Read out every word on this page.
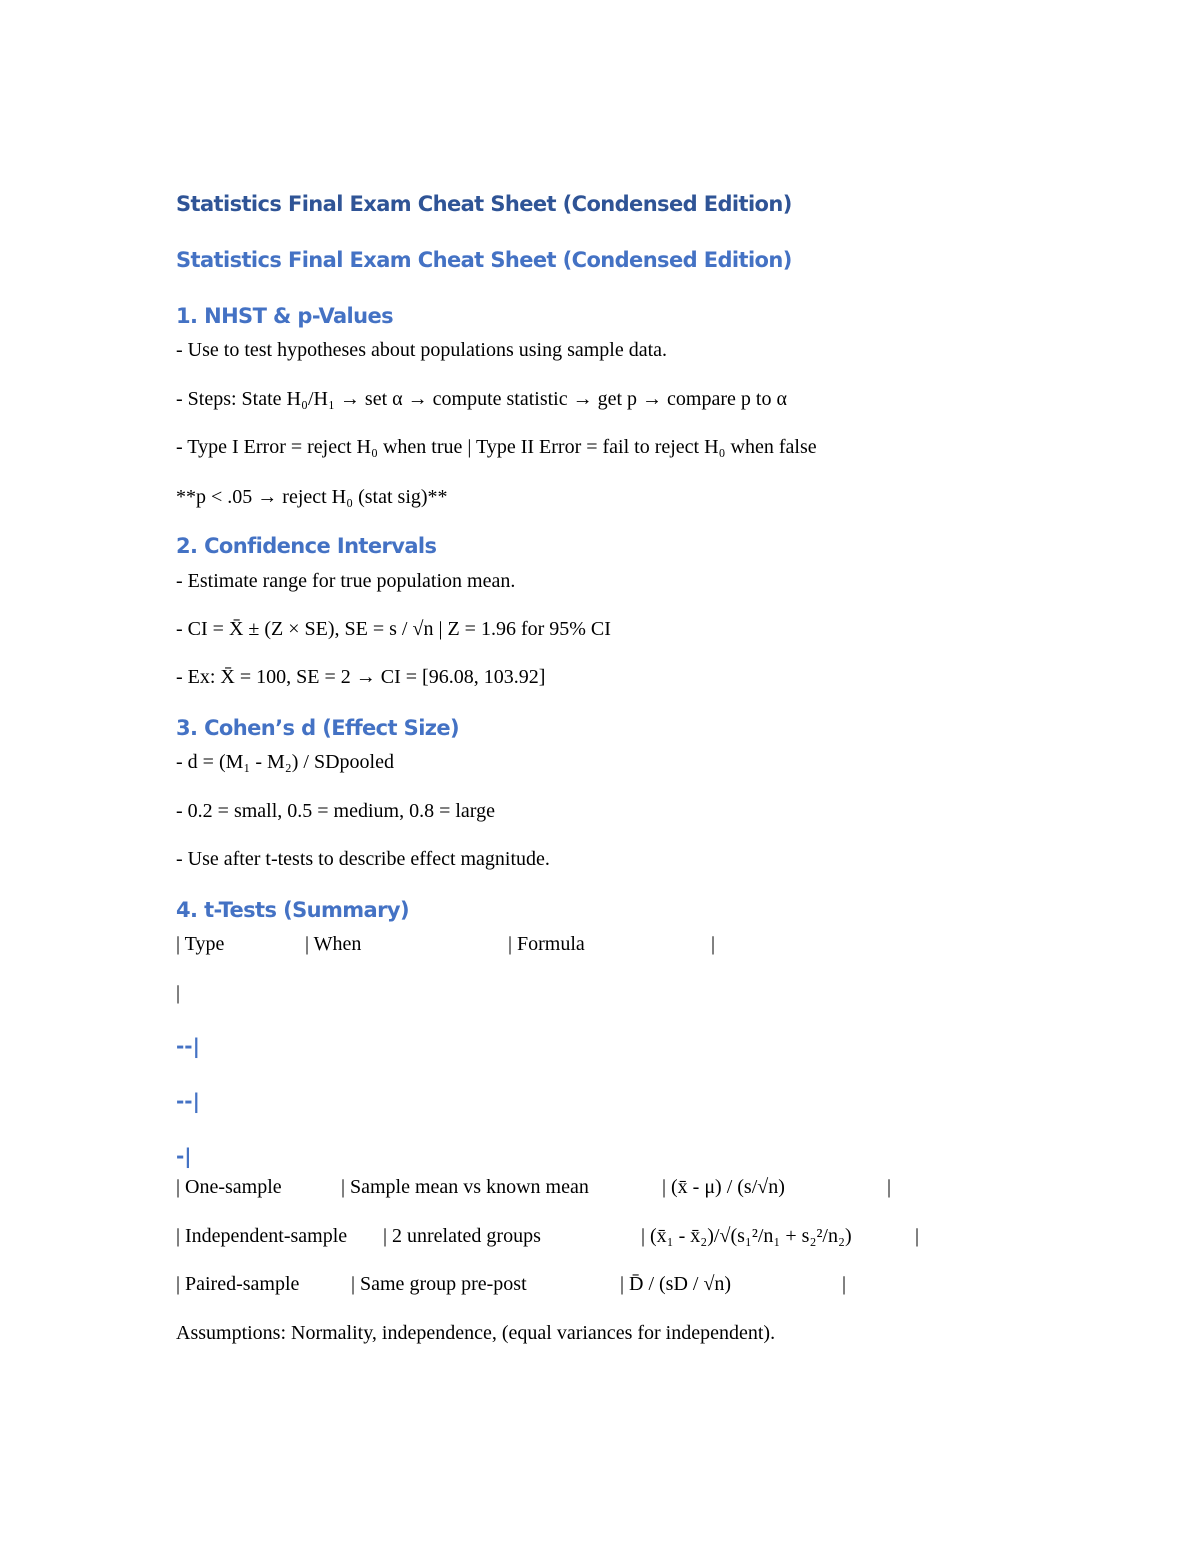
Statistics Final Exam Cheat Sheet (Condensed Edition)
Statistics Final Exam Cheat Sheet (Condensed Edition)
1. NHST & p-Values
- Use to test hypotheses about populations using sample data.
- Steps: State H₀/H₁ → set α → compute statistic → get p → compare p to α
- Type I Error = reject H₀ when true | Type II Error = fail to reject H₀ when false
**p < .05 → reject H₀ (stat sig)**
2. Confidence Intervals
- Estimate range for true population mean.
- CI = X̄ ± (Z × SE), SE = s / √n | Z = 1.96 for 95% CI
- Ex: X̄ = 100, SE = 2 → CI = [96.08, 103.92]
3. Cohen’s d (Effect Size)
- d = (M₁ - M₂) / SDpooled
- 0.2 = small, 0.5 = medium, 0.8 = large
- Use after t-tests to describe effect magnitude.
4. t-Tests (Summary)
| Type	| When	| Formula	|
|
--|
--|
-|
| One-sample	| Sample mean vs known mean	| (x̄ - μ) / (s/√n)	|
| Independent-sample | 2 unrelated groups	| (x̄₁ - x̄₂)/√(s₁²/n₁ + s₂²/n₂)	|
| Paired-sample	| Same group pre-post	| D̄ / (sD / √n)	|
Assumptions: Normality, independence, (equal variances for independent).
